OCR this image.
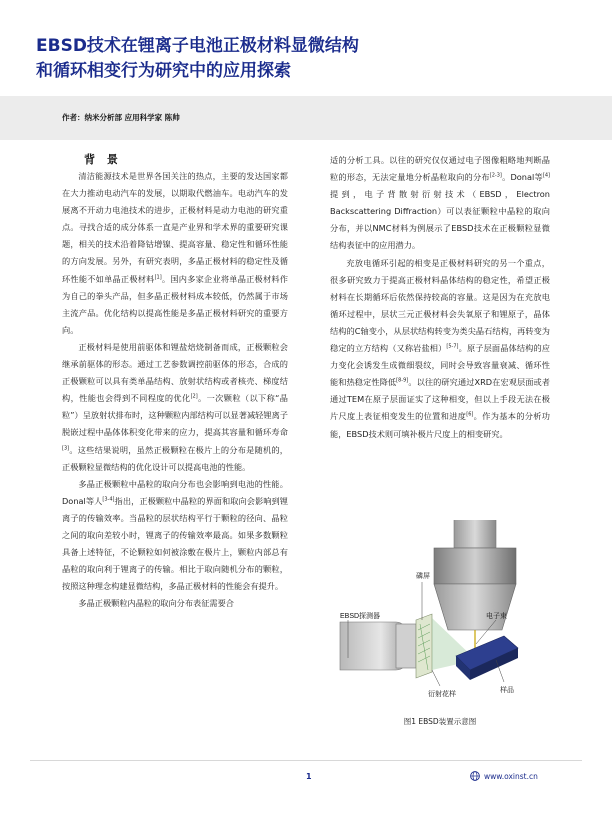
EBSD技术在锂离子电池正极材料显微结构
和循环相变行为研究中的应用探索
作者：纳米分析部 应用科学家 陈帅

背 景

清洁能源技术是世界各国关注的热点，主要的发达国家都在大力推动电动汽车的发展，以期取代燃油车。电动汽车的发展离不开动力电池技术的进步，正极材料是动力电池的研究重点。寻找合适的成分体系一直是产业界和学术界的重要研究课题，相关的技术沿着降钴增镍、提高容量、稳定性和循环性能的方向发展。另外，有研究表明，多晶正极材料的稳定性及循环性能不如单晶正极材料[1]。国内多家企业将单晶正极材料作为自己的拳头产品，但多晶正极材料成本较低，仍然属于市场主流产品。优化结构以提高性能是多晶正极材料研究的重要方向。

正极材料是使用前驱体和锂盐焙烧制备而成，正极颗粒会继承前驱体的形态。通过工艺参数调控前驱体的形态，合成的正极颗粒可以具有类单晶结构、放射状结构或者核壳、梯度结构，性能也会得到不同程度的优化[2]。一次颗粒（以下称“晶粒”）呈放射状排布时，这种颗粒内部结构可以显著减轻锂离子脱嵌过程中晶体体积变化带来的应力，提高其容量和循环寿命[3]。这些结果说明，虽然正极颗粒在极片上的分布是随机的，正极颗粒显微结构的优化设计可以提高电池的性能。

多晶正极颗粒中晶粒的取向分布也会影响到电池的性能。Donal等人[3-4]指出，正极颗粒中晶粒的界面和取向会影响到锂离子的传输效率。当晶粒的层状结构平行于颗粒的径向、晶粒之间的取向差较小时，锂离子的传输效率最高。如果多数颗粒具备上述特征，不论颗粒如何被涂敷在极片上，颗粒内部总有晶粒的取向利于锂离子的传输。相比于取向随机分布的颗粒，按照这种理念构建显微结构，多晶正极材料的性能会有提升。

多晶正极颗粒内晶粒的取向分布表征需要合

适的分析工具。以往的研究仅仅通过电子图像粗略地判断晶粒的形态，无法定量地分析晶粒取向的分布[2-3]。Donal等[4]提到，电子背散射衍射技术（EBSD，Electron Backscattering Diffraction）可以表征颗粒中晶粒的取向分布，并以NMC材料为例展示了EBSD技术在正极颗粒显微结构表征中的应用潜力。

充放电循环引起的相变是正极材料研究的另一个重点，很多研究致力于提高正极材料晶体结构的稳定性，希望正极材料在长期循环后依然保持较高的容量。这是因为在充放电循环过程中，层状三元正极材料会失氧原子和锂原子，晶体结构的C轴变小，从层状结构转变为类尖晶石结构，再转变为稳定的立方结构（又称岩盐相）[5-7]。原子层面晶体结构的应力变化会诱发生成微细裂纹，同时会导致容量衰减、循环性能和热稳定性降低[8-9]。以往的研究通过XRD在宏观层面或者通过TEM在原子层面证实了这种相变，但以上手段无法在极片尺度上表征相变发生的位置和进度[6]。作为基本的分析功能，EBSD技术则可填补极片尺度上的相变研究。

EBSD探测器
磷屏
电子束
衍射花样
样品
图1 EBSD装置示意图
1	www.oxinst.cn
